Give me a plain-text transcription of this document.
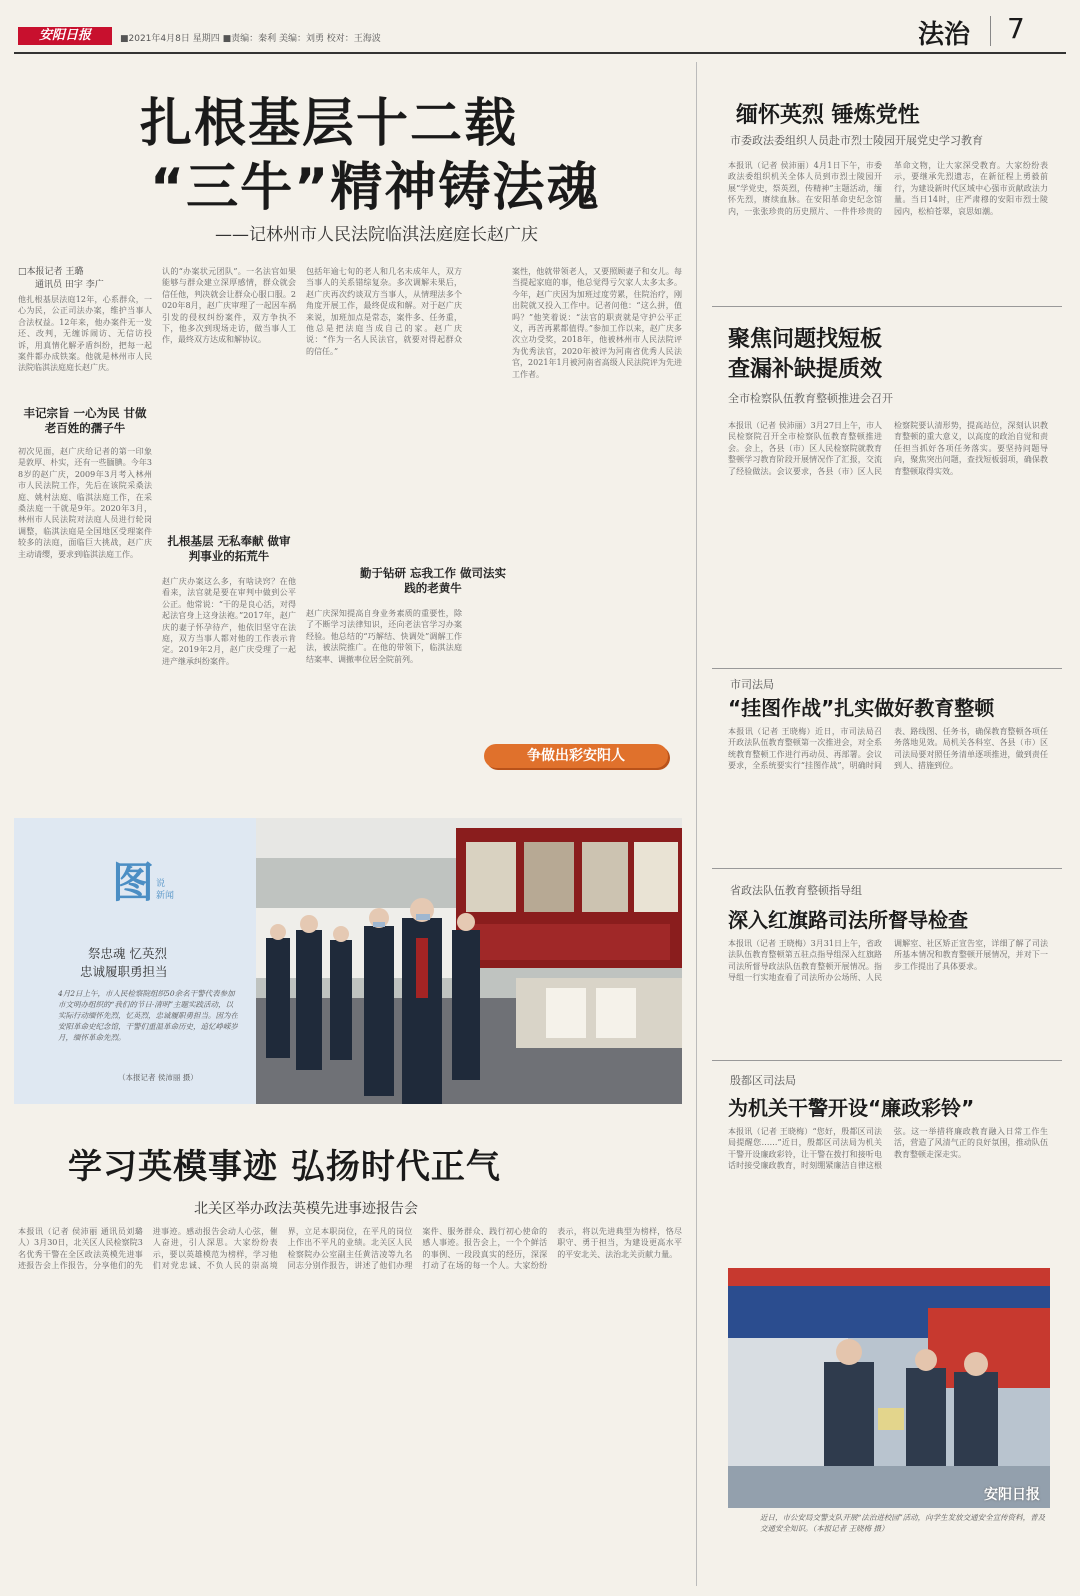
安阳日报	■2021年4月8日 星期四 ■责编：秦利 美编：刘勇 校对：王海波	法治 7
扎根基层十二载
“三牛”精神铸法魂
——记林州市人民法院临淇法庭庭长赵广庆
□本报记者 王璐
通讯员 田宇 李广
他扎根基层法庭12年，心系群众，一心为民，公正司法办案，维护当事人合法权益。12年来，他办案件无一发还、改判，无缠诉闹访、无信访投诉，用真情化解矛盾纠纷，把每一起案件都办成铁案。他就是林州市人民法院临淇法庭庭长赵广庆。
丰记宗旨 一心为民 甘做老百姓的孺子牛
初次见面，赵广庆给记者的第一印象是敦厚、朴实，还有一些腼腆。今年38岁的赵广庆，2009年3月考入林州市人民法院工作，先后在该院采桑法庭、姚村法庭、临淇法庭工作，在采桑法庭一干就是9年。2020年3月，林州市人民法院对法庭人员进行轮岗调整，临淇法庭是全国地区受理案件较多的法庭，面临巨大挑战，赵广庆主动请缨，要求到临淇法庭工作。
认的“办案状元团队”。一名法官如果能够与群众建立深厚感情，群众就会信任他，判决就会让群众心服口服。2020年8月，赵广庆审理了一起因车祸引发的侵权纠纷案件，双方争执不下，他多次到现场走访，做当事人工作，最终双方达成和解协议。
扎根基层 无私奉献 做审判事业的拓荒牛
赵广庆办案这么多，有啥诀窍？在他看来，法官就是要在审判中做到公平公正。他常说：“干的是良心活，对得起法官身上这身法袍。”2017年，赵广庆的妻子怀孕待产，他依旧坚守在法庭，双方当事人都对他的工作表示肯定。2019年2月，赵广庆受理了一起进产继承纠纷案件。
包括年逾七旬的老人和几名未成年人，双方当事人的关系错综复杂。多次调解未果后，赵广庆再次约谈双方当事人，从情理法多个角度开展工作，最终促成和解。对于赵广庆来说，加班加点是常态，案件多、任务重，他总是把法庭当成自己的家。赵广庆说：“作为一名人民法官，就要对得起群众的信任。”
勤于钻研 忘我工作 做司法实践的老黄牛
赵广庆深知提高自身业务素质的重要性，除了不断学习法律知识，还向老法官学习办案经验。他总结的“巧解结、快调处”调解工作法，被法院推广。在他的带领下，临淇法庭结案率、调撤率位居全院前列。
案性，他就带领老人，又要照顾妻子和女儿。每当提起家庭的事，他总觉得亏欠家人太多太多。今年，赵广庆因为加班过度劳累，住院治疗，刚出院就又投入工作中。记者问他：“这么拼，值吗？”他笑着说：“法官的职责就是守护公平正义，再苦再累都值得。”参加工作以来，赵广庆多次立功受奖，2018年，他被林州市人民法院评为优秀法官，2020年被评为河南省优秀人民法官，2021年1月被河南省高级人民法院评为先进工作者。
争做出彩安阳人
图 说 新闻
祭忠魂 忆英烈
忠诚履职勇担当
4月2日上午，市人民检察院组织50余名干警代表参加市文明办组织的“我们的节日·清明”主题实践活动，以实际行动缅怀先烈，忆英烈，忠诚履职勇担当。因为在安阳革命史纪念馆，干警们重温革命历史，追忆峥嵘岁月，缅怀革命先烈。
（本报记者 侯沛丽 摄）
学习英模事迹 弘扬时代正气
北关区举办政法英模先进事迹报告会
本报讯（记者 侯沛丽 通讯员刘璐人）3月30日，北关区人民检察院3名优秀干警在全区政法英模先进事迹报告会上作报告，分享他们的先进事迹。感动报告会动人心弦，催人奋进，引人深思。大家纷纷表示，要以英雄模范为榜样，学习他们对党忠诚、不负人民的崇高境界，立足本职岗位，在平凡的岗位上作出不平凡的业绩。北关区人民检察院办公室副主任黄洁凌等九名同志分别作报告，讲述了他们办理案件、服务群众、践行初心使命的感人事迹。报告会上，一个个鲜活的事例、一段段真实的经历，深深打动了在场的每一个人。大家纷纷表示，将以先进典型为榜样，恪尽职守、勇于担当，为建设更高水平的平安北关、法治北关贡献力量。
缅怀英烈 锤炼党性
市委政法委组织人员赴市烈士陵园开展党史学习教育
本报讯（记者 侯沛丽）4月1日下午，市委政法委组织机关全体人员到市烈士陵园开展“学党史，祭英烈，传精神”主题活动，缅怀先烈，赓续血脉。在安阳革命史纪念馆内，一张张珍贵的历史照片、一件件珍贵的革命文物，让大家深受教育。大家纷纷表示，要继承先烈遗志，在新征程上勇毅前行，为建设新时代区域中心强市贡献政法力量。当日14时，庄严肃穆的安阳市烈士陵园内，松柏苍翠，哀思如潮。
聚焦问题找短板
查漏补缺提质效
全市检察队伍教育整顿推进会召开
本报讯（记者 侯沛丽）3月27日上午，市人民检察院召开全市检察队伍教育整顿推进会。会上，各县（市）区人民检察院就教育整顿学习教育阶段开展情况作了汇报，交流了经验做法。会议要求，各县（市）区人民检察院要认清形势，提高站位，深刻认识教育整顿的重大意义，以高度的政治自觉和责任担当抓好各项任务落实。要坚持问题导向，聚焦突出问题，查找短板弱项，确保教育整顿取得实效。
市司法局
“挂图作战”扎实做好教育整顿
本报讯（记者 王晓梅）近日，市司法局召开政法队伍教育整顿第一次推进会，对全系统教育整顿工作进行再动员、再部署。会议要求，全系统要实行“挂图作战”，明确时间表、路线图、任务书，确保教育整顿各项任务落地见效。局机关各科室、各县（市）区司法局要对照任务清单逐项推进，做到责任到人、措施到位。
省政法队伍教育整顿指导组
深入红旗路司法所督导检查
本报讯（记者 王晓梅）3月31日上午，省政法队伍教育整顿第五驻点指导组深入红旗路司法所督导政法队伍教育整顿开展情况。指导组一行实地查看了司法所办公场所、人民调解室、社区矫正宣告室，详细了解了司法所基本情况和教育整顿开展情况，并对下一步工作提出了具体要求。
殷都区司法局
为机关干警开设“廉政彩铃”
本报讯（记者 王晓梅）“您好，殷都区司法局提醒您……”近日，殷都区司法局为机关干警开设廉政彩铃，让干警在拨打和接听电话时接受廉政教育，时刻绷紧廉洁自律这根弦。这一举措将廉政教育融入日常工作生活，营造了风清气正的良好氛围，推动队伍教育整顿走深走实。
安阳日报
近日，市公安局交警支队开展“法治进校园”活动，向学生发放交通安全宣传资料，普及交通安全知识。（本报记者 王晓梅 摄）
